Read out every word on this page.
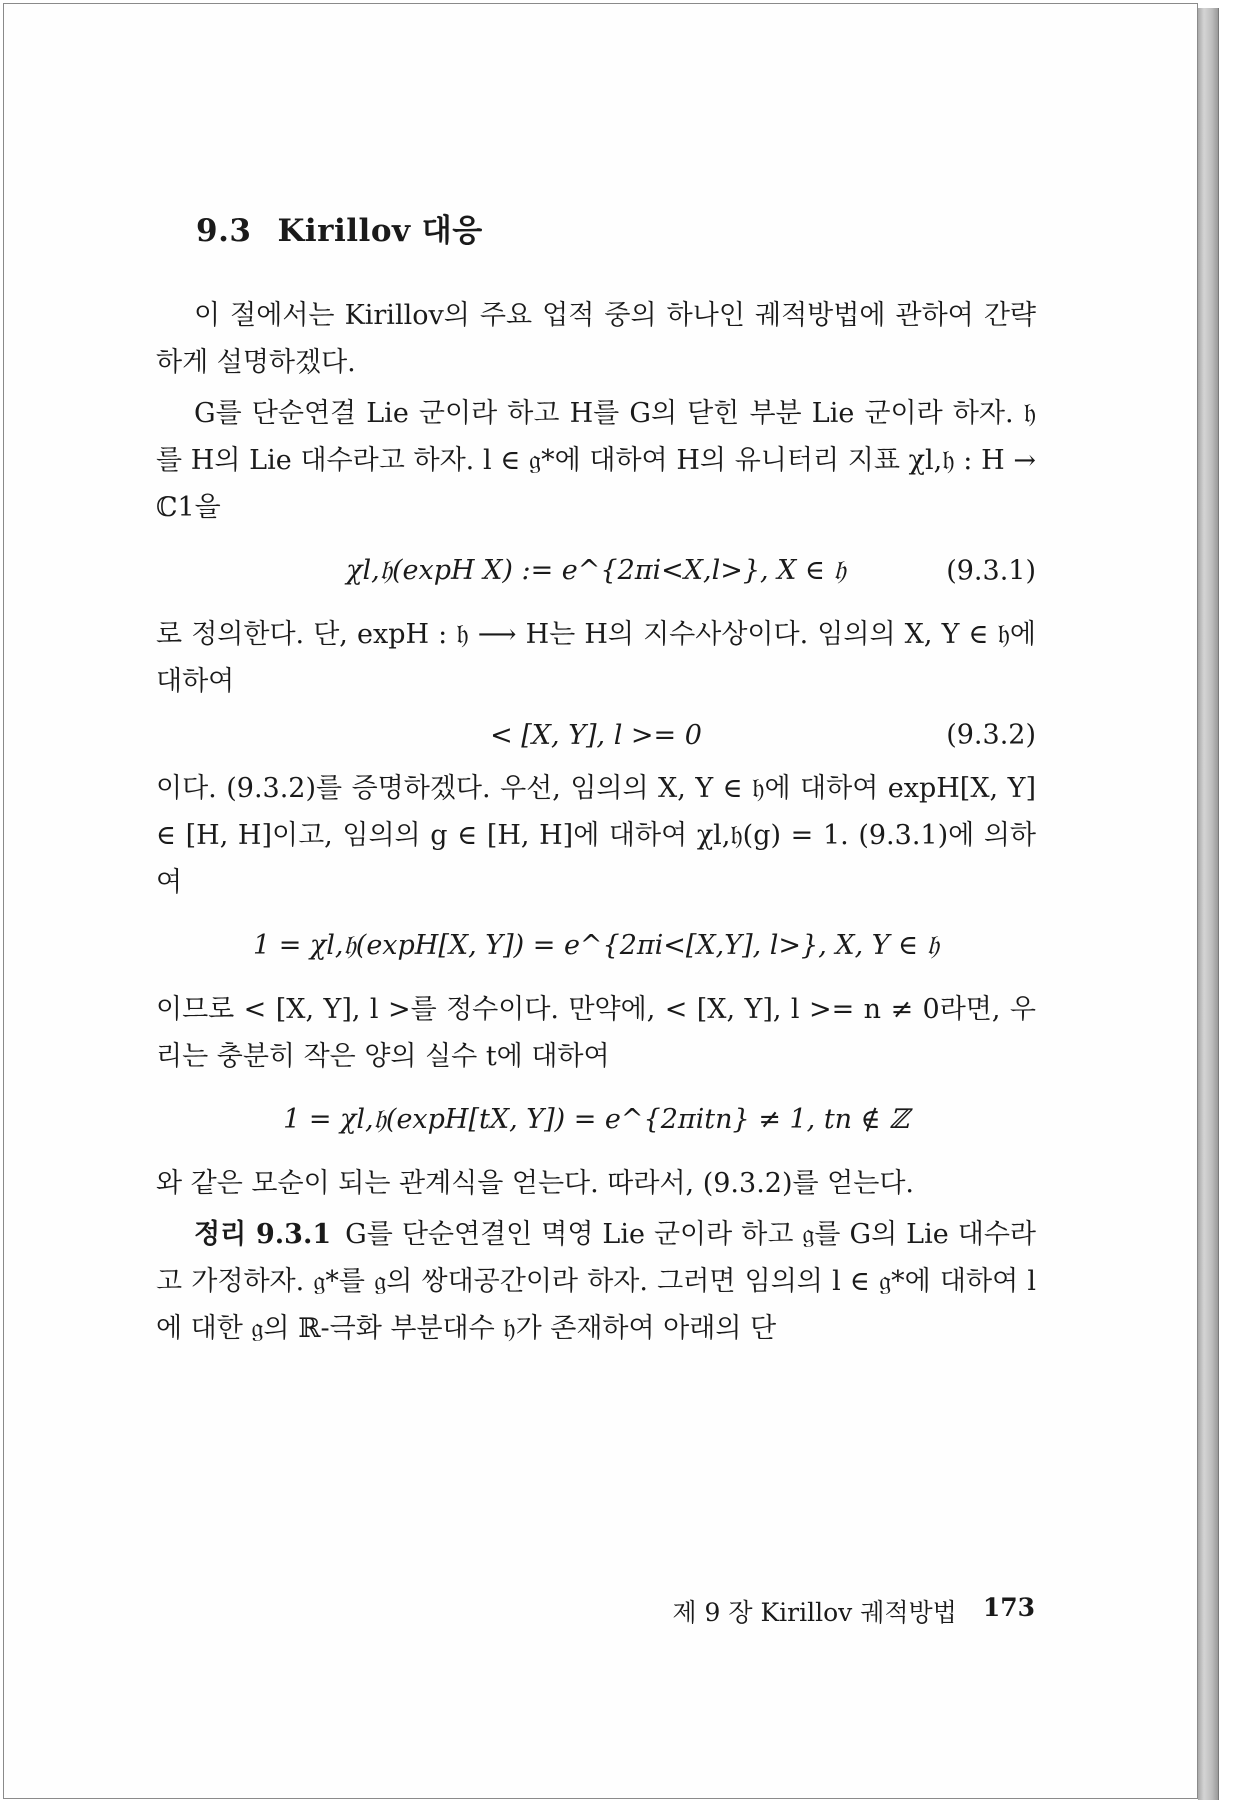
9.3 Kirillov 대응

이 절에서는 Kirillov의 주요 업적 중의 하나인 궤적방법에 관하여 간략하게 설명하겠다.

G를 단순연결 Lie 군이라 하고 H를 G의 닫힌 부분 Lie 군이라 하자. 𝔥를 H의 Lie 대수라고 하자. l ∈ 𝔤*에 대하여 H의 유니터리 지표 χl,𝔥 : H → ℂ1을

χl,𝔥(expH X) := e^{2πi<X,l>}, X ∈ 𝔥	(9.3.1)

로 정의한다. 단, expH : 𝔥 ⟶ H는 H의 지수사상이다. 임의의 X, Y ∈ 𝔥에 대하여

< [X, Y], l >= 0	(9.3.2)

이다. (9.3.2)를 증명하겠다. 우선, 임의의 X, Y ∈ 𝔥에 대하여 expH[X, Y] ∈ [H, H]이고, 임의의 g ∈ [H, H]에 대하여 χl,𝔥(g) = 1. (9.3.1)에 의하여

1 = χl,𝔥(expH[X, Y]) = e^{2πi<[X,Y], l>}, X, Y ∈ 𝔥

이므로 < [X, Y], l >를 정수이다. 만약에, < [X, Y], l >= n ≠ 0라면, 우리는 충분히 작은 양의 실수 t에 대하여

1 = χl,𝔥(expH[tX, Y]) = e^{2πitn} ≠ 1, tn ∉ ℤ

와 같은 모순이 되는 관계식을 얻는다. 따라서, (9.3.2)를 얻는다.

정리 9.3.1 G를 단순연결인 멱영 Lie 군이라 하고 𝔤를 G의 Lie 대수라고 가정하자. 𝔤*를 𝔤의 쌍대공간이라 하자. 그러면 임의의 l ∈ 𝔤*에 대하여 l에 대한 𝔤의 ℝ-극화 부분대수 𝔥가 존재하여 아래의 단

제 9 장 Kirillov 궤적방법 173
